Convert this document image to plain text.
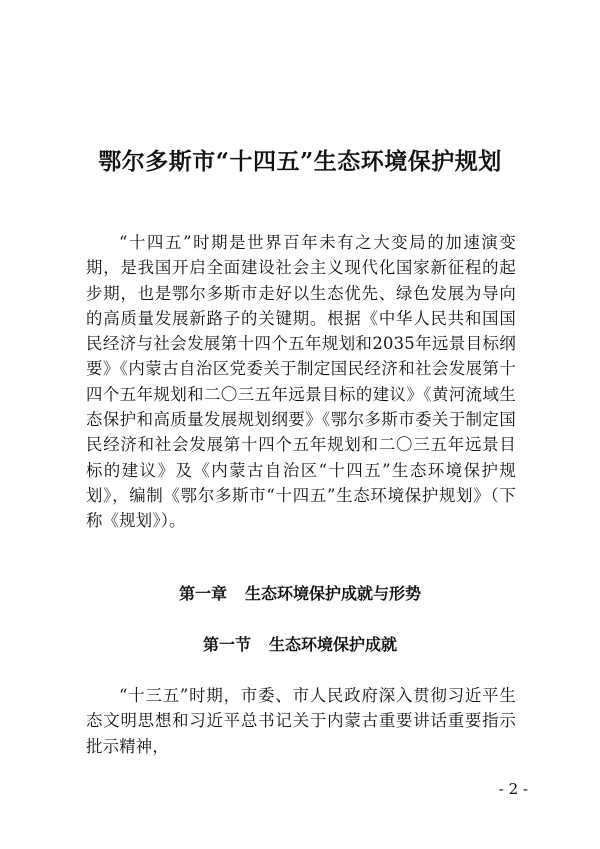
鄂尔多斯市“十四五”生态环境保护规划

“十四五”时期是世界百年未有之大变局的加速演变期，是我国开启全面建设社会主义现代化国家新征程的起步期，也是鄂尔多斯市走好以生态优先、绿色发展为导向的高质量发展新路子的关键期。根据《中华人民共和国国民经济与社会发展第十四个五年规划和2035年远景目标纲要》《内蒙古自治区党委关于制定国民经济和社会发展第十四个五年规划和二〇三五年远景目标的建议》《黄河流域生态保护和高质量发展规划纲要》《鄂尔多斯市委关于制定国民经济和社会发展第十四个五年规划和二〇三五年远景目标的建议》及《内蒙古自治区“十四五”生态环境保护规划》，编制《鄂尔多斯市“十四五”生态环境保护规划》（下称《规划》）。

第一章 生态环境保护成就与形势
第一节 生态环境保护成就

“十三五”时期，市委、市人民政府深入贯彻习近平生态文明思想和习近平总书记关于内蒙古重要讲话重要指示批示精神，

- 2 -
